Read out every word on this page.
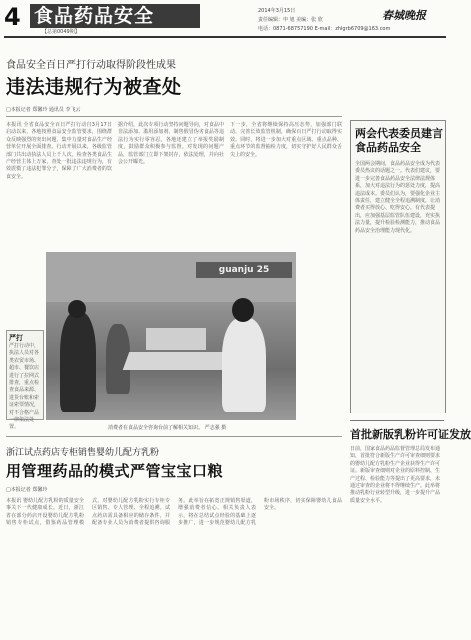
4 食品药品安全
【总第0049期】
2014年3月15日
责任编辑：申 旭 美编：张 欣
电话：0871-68757190 E-mail：zhlgrb6709@163.com
春城晚报
食品安全百日严打行动取得阶段性成果
违法违规行为被查处
□本报记者 郑馨玲 通讯员 李飞云
本报讯 全省食品安全百日严打行动自3月17日启动以来，各地按照食品安全监管要求，围绕群众反映强烈的突出问题，集中力量对食品生产经营单位开展全面排查。行动开展以来，各级监管部门共出动执法人员上千人次，检查各类食品生产经营主体上万家，查处一批违法违规行为，有效震慑了违法犯罪分子，保障了广大消费者的饮食安全。
据介绍，此次专项行动坚持问题导向，对食品中非法添加、滥用添加剂、制售假冒伪劣食品等违法行为实行零容忍。各地还建立了举报奖励制度，鼓励群众积极参与监督。对发现的问题产品，监管部门立即下架封存，依法处理，并向社会公开曝光。
下一步，全省将继续保持高压态势，加强部门联动，完善长效监管机制，确保百日严打行动取得实效。同时，将进一步加大对重点区域、重点品种、重点环节的监督抽检力度，切实守护好人民群众舌尖上的安全。
guanju 25
消费者在食品安全咨询台前了解相关知识。 严志强 摄
严打
严打行动中，执法人员对各类农贸市场、超市、餐饮店进行了拉网式排查，重点检查食品来源、进货台账和索证索票情况，对不合格产品一律依法处置。
两会代表委员建言食品药品安全
全国两会期间，食品药品安全成为代表委员热议的话题之一。代表们建议，要进一步完善食品药品安全法律法规体系，加大对违法行为的惩处力度，提高违法成本。委员们认为，要强化企业主体责任，建立健全全程追溯制度，让消费者买得放心、吃得安心。有代表提出，应加强基层监管队伍建设，充实执法力量，提升检验检测能力，推动食品药品安全治理能力现代化。
浙江试点药店专柜销售婴幼儿配方乳粉
用管理药品的模式严管宝宝口粮
□本报记者 郑馨玲
本报讯 婴幼儿配方乳粉的质量安全事关下一代健康成长。近日，浙江省在部分药店开设婴幼儿配方乳粉销售专柜试点，借鉴药品管理模式，对婴幼儿配方乳粉实行专柜专区销售、专人管理、全程追溯。试点药店需具备相应的储存条件，并配备专业人员为消费者提供咨询服务。此举旨在拓宽正规销售渠道，增强消费者信心。相关负责人表示，将在总结试点经验的基础上逐步推广，进一步规范婴幼儿配方乳粉市场秩序，切实保障婴幼儿食品安全。
首批新版乳粉许可证发放
日前，国家食品药品监督管理总局发布通知，首批符合新版生产许可审查细则要求的婴幼儿配方乳粉生产企业获得生产许可证。新版审查细则对企业的原料控制、生产过程、检验能力等提出了更高要求，未通过审查的企业将不得继续生产。此举将推动乳粉行业转型升级，进一步提升产品质量安全水平。
